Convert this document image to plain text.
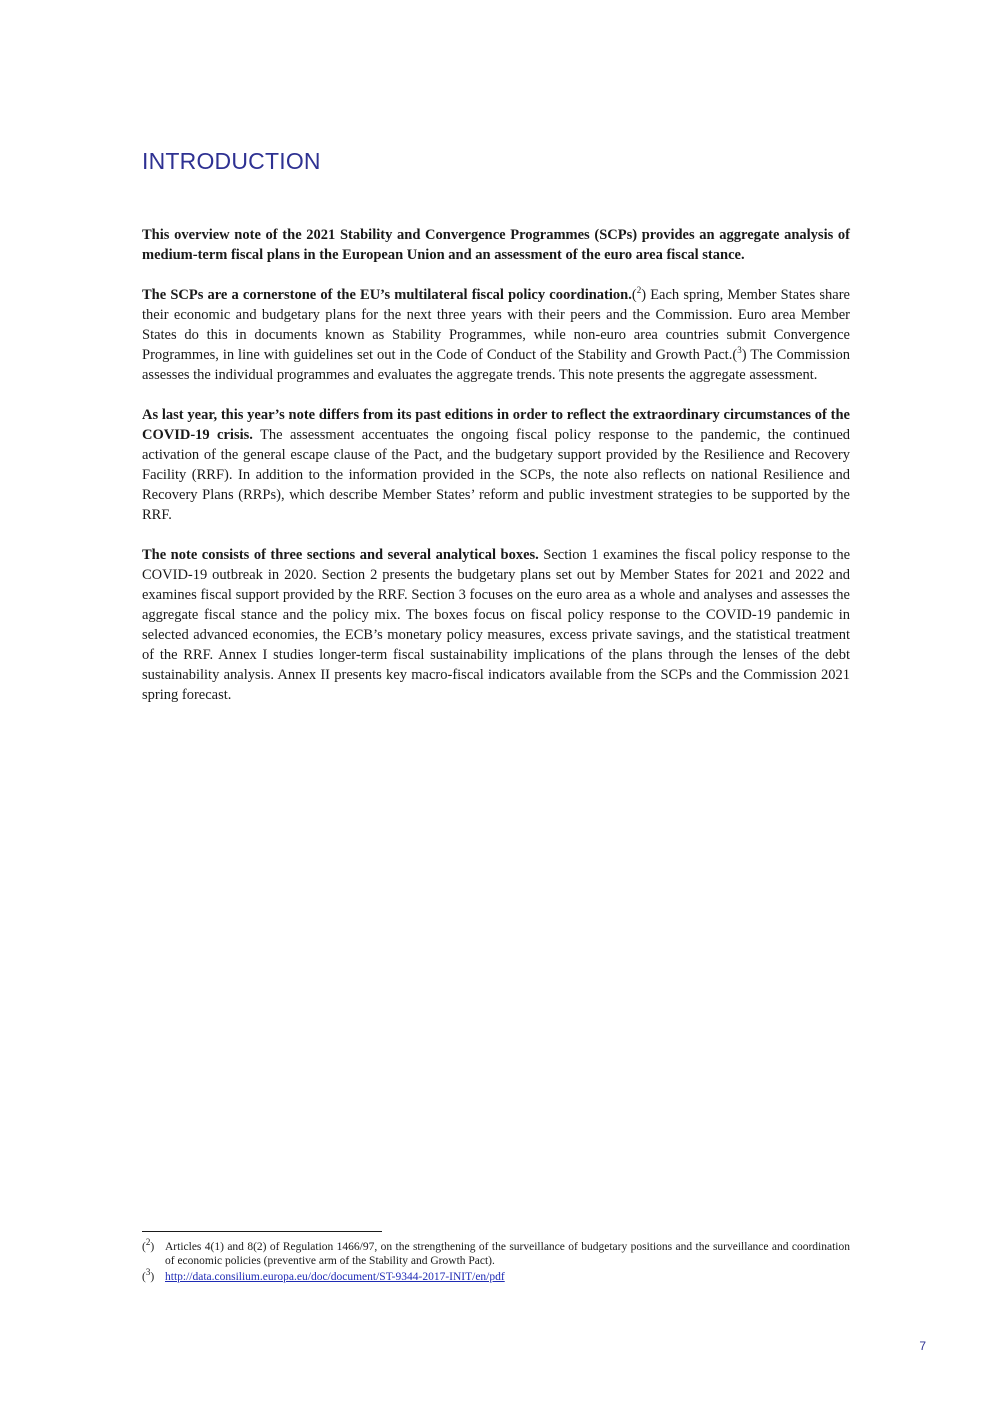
INTRODUCTION

This overview note of the 2021 Stability and Convergence Programmes (SCPs) provides an aggregate analysis of medium-term fiscal plans in the European Union and an assessment of the euro area fiscal stance.

The SCPs are a cornerstone of the EU’s multilateral fiscal policy coordination.($^2$) Each spring, Member States share their economic and budgetary plans for the next three years with their peers and the Commission. Euro area Member States do this in documents known as Stability Programmes, while non-euro area countries submit Convergence Programmes, in line with guidelines set out in the Code of Conduct of the Stability and Growth Pact.($^3$) The Commission assesses the individual programmes and evaluates the aggregate trends. This note presents the aggregate assessment.

As last year, this year’s note differs from its past editions in order to reflect the extraordinary circumstances of the COVID-19 crisis. The assessment accentuates the ongoing fiscal policy response to the pandemic, the continued activation of the general escape clause of the Pact, and the budgetary support provided by the Resilience and Recovery Facility (RRF). In addition to the information provided in the SCPs, the note also reflects on national Resilience and Recovery Plans (RRPs), which describe Member States’ reform and public investment strategies to be supported by the RRF.

The note consists of three sections and several analytical boxes. Section 1 examines the fiscal policy response to the COVID-19 outbreak in 2020. Section 2 presents the budgetary plans set out by Member States for 2021 and 2022 and examines fiscal support provided by the RRF. Section 3 focuses on the euro area as a whole and analyses and assesses the aggregate fiscal stance and the policy mix. The boxes focus on fiscal policy response to the COVID-19 pandemic in selected advanced economies, the ECB’s monetary policy measures, excess private savings, and the statistical treatment of the RRF. Annex I studies longer-term fiscal sustainability implications of the plans through the lenses of the debt sustainability analysis. Annex II presents key macro-fiscal indicators available from the SCPs and the Commission 2021 spring forecast.

($^2$) Articles 4(1) and 8(2) of Regulation 1466/97, on the strengthening of the surveillance of budgetary positions and the surveillance and coordination of economic policies (preventive arm of the Stability and Growth Pact).
($^3$) http://data.consilium.europa.eu/doc/document/ST-9344-2017-INIT/en/pdf
7
